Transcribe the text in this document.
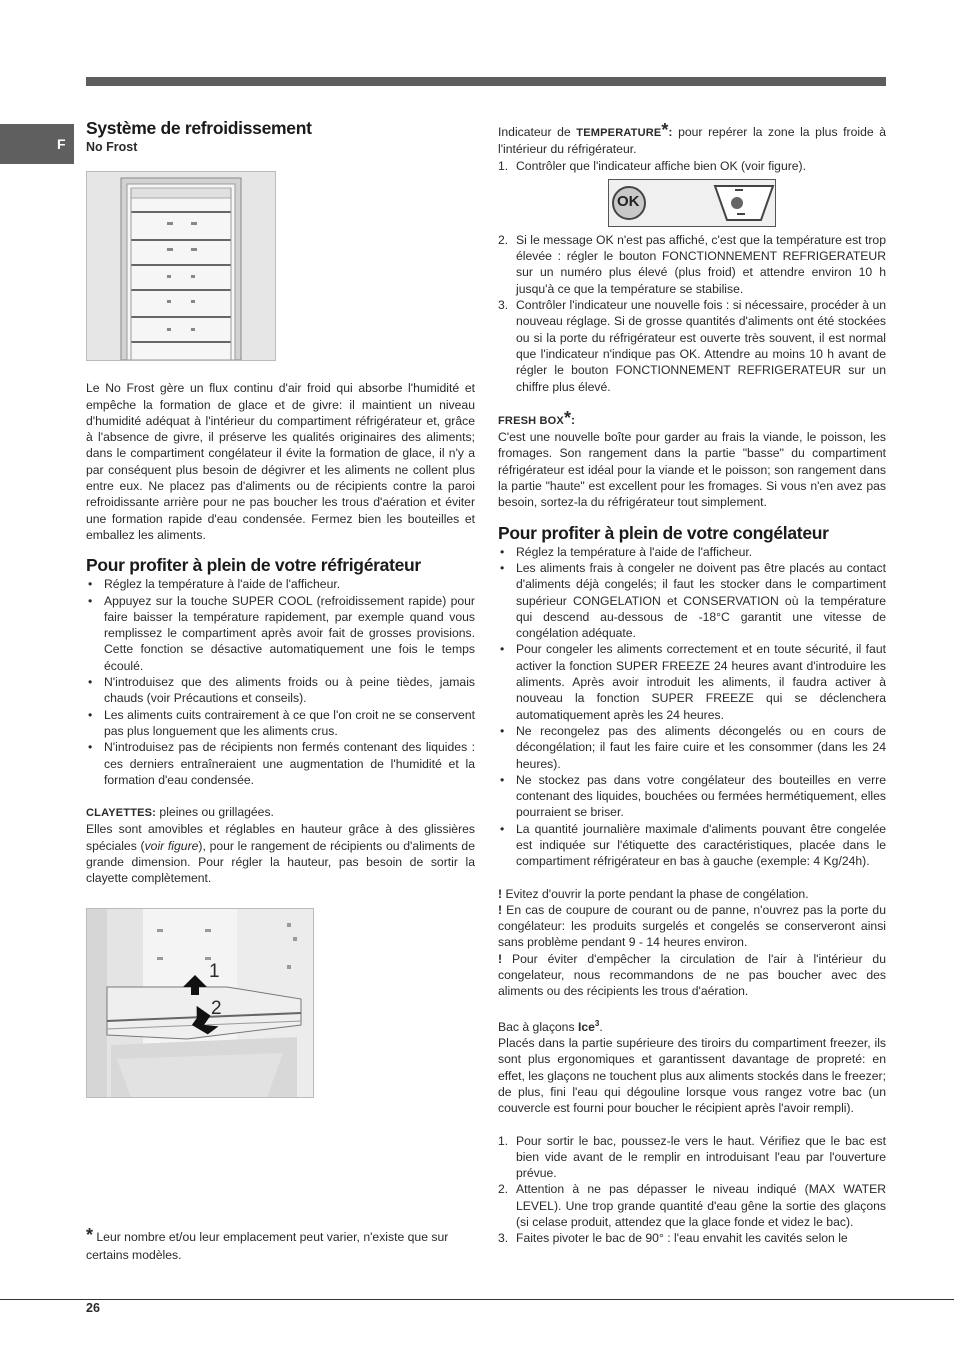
F
Système de refroidissement
No Frost

Le No Frost gère un flux continu d'air froid qui absorbe l'humidité et empêche la formation de glace et de givre: il maintient un niveau d'humidité adéquat à l'intérieur du compartiment réfrigérateur et, grâce à l'absence de givre, il préserve les qualités originaires des aliments; dans le compartiment congélateur il évite la formation de glace, il n'y a par conséquent plus besoin de dégivrer et les aliments ne collent plus entre eux. Ne placez pas d'aliments ou de récipients contre la paroi refroidissante arrière pour ne pas boucher les trous d'aération et éviter une formation rapide d'eau condensée. Fermez bien les bouteilles et emballez les aliments.

Pour profiter à plein de votre réfrigérateur
• Réglez la température à l'aide de l'afficheur.
• Appuyez sur la touche SUPER COOL (refroidissement rapide) pour faire baisser la température rapidement, par exemple quand vous remplissez le compartiment après avoir fait de grosses provisions. Cette fonction se désactive automatiquement une fois le temps écoulé.
• N'introduisez que des aliments froids ou à peine tièdes, jamais chauds (voir Précautions et conseils).
• Les aliments cuits contrairement à ce que l'on croit ne se conservent pas plus longuement que les aliments crus.
• N'introduisez pas de récipients non fermés contenant des liquides : ces derniers entraîneraient une augmentation de l'humidité et la formation d'eau condensée.

CLAYETTES: pleines ou grillagées.

Elles sont amovibles et réglables en hauteur grâce à des glissières spéciales (voir figure), pour le rangement de récipients ou d'aliments de grande dimension. Pour régler la hauteur, pas besoin de sortir la clayette complètement.

1
2
* Leur nombre et/ou leur emplacement peut varier, n'existe que sur certains modèles.

Indicateur de TEMPERATURE*: pour repérer la zone la plus froide à l'intérieur du réfrigérateur.

1. Contrôler que l'indicateur affiche bien OK (voir figure).
OK
2. Si le message OK n'est pas affiché, c'est que la température est trop élevée : régler le bouton FONCTIONNEMENT REFRIGERATEUR sur un numéro plus élevé (plus froid) et attendre environ 10 h jusqu'à ce que la température se stabilise.
3. Contrôler l'indicateur une nouvelle fois : si nécessaire, procéder à un nouveau réglage. Si de grosse quantités d'aliments ont été stockées ou si la porte du réfrigérateur est ouverte très souvent, il est normal que l'indicateur n'indique pas OK. Attendre au moins 10 h avant de régler le bouton FONCTIONNEMENT REFRIGERATEUR sur un chiffre plus élevé.

FRESH BOX*:

C'est une nouvelle boîte pour garder au frais la viande, le poisson, les fromages. Son rangement dans la partie "basse" du compartiment réfrigérateur est idéal pour la viande et le poisson; son rangement dans la partie "haute" est excellent pour les fromages. Si vous n'en avez pas besoin, sortez-la du réfrigérateur tout simplement.

Pour profiter à plein de votre congélateur
• Réglez la température à l'aide de l'afficheur.
• Les aliments frais à congeler ne doivent pas être placés au contact d'aliments déjà congelés; il faut les stocker dans le compartiment supérieur CONGELATION et CONSERVATION où la température qui descend au-dessous de -18°C garantit une vitesse de congélation adéquate.
• Pour congeler les aliments correctement et en toute sécurité, il faut activer la fonction SUPER FREEZE 24 heures avant d'introduire les aliments. Après avoir introduit les aliments, il faudra activer à nouveau la fonction SUPER FREEZE qui se déclenchera automatiquement après les 24 heures.
• Ne recongelez pas des aliments décongelés ou en cours de décongélation; il faut les faire cuire et les consommer (dans les 24 heures).
• Ne stockez pas dans votre congélateur des bouteilles en verre contenant des liquides, bouchées ou fermées hermétiquement, elles pourraient se briser.
• La quantité journalière maximale d'aliments pouvant être congelée est indiquée sur l'étiquette des caractéristiques, placée dans le compartiment réfrigérateur en bas à gauche (exemple: 4 Kg/24h).

! Evitez d'ouvrir la porte pendant la phase de congélation.

! En cas de coupure de courant ou de panne, n'ouvrez pas la porte du congélateur: les produits surgelés et congelés se conserveront ainsi sans problème pendant 9 - 14 heures environ.

! Pour éviter d'empêcher la circulation de l'air à l'intérieur du congelateur, nous recommandons de ne pas boucher avec des aliments ou des récipients les trous d'aération.

Bac à glaçons Ice$^3$.

Placés dans la partie supérieure des tiroirs du compartiment freezer, ils sont plus ergonomiques et garantissent davantage de propreté: en effet, les glaçons ne touchent plus aux aliments stockés dans le freezer; de plus, fini l'eau qui dégouline lorsque vous rangez votre bac (un couvercle est fourni pour boucher le récipient après l'avoir rempli).

1. Pour sortir le bac, poussez-le vers le haut. Vérifiez que le bac est bien vide avant de le remplir en introduisant l'eau par l'ouverture prévue.
2. Attention à ne pas dépasser le niveau indiqué (MAX WATER LEVEL). Une trop grande quantité d'eau gêne la sortie des glaçons (si celase produit, attendez que la glace fonde et videz le bac).
3. Faites pivoter le bac de 90° : l'eau envahit les cavités selon le
26
